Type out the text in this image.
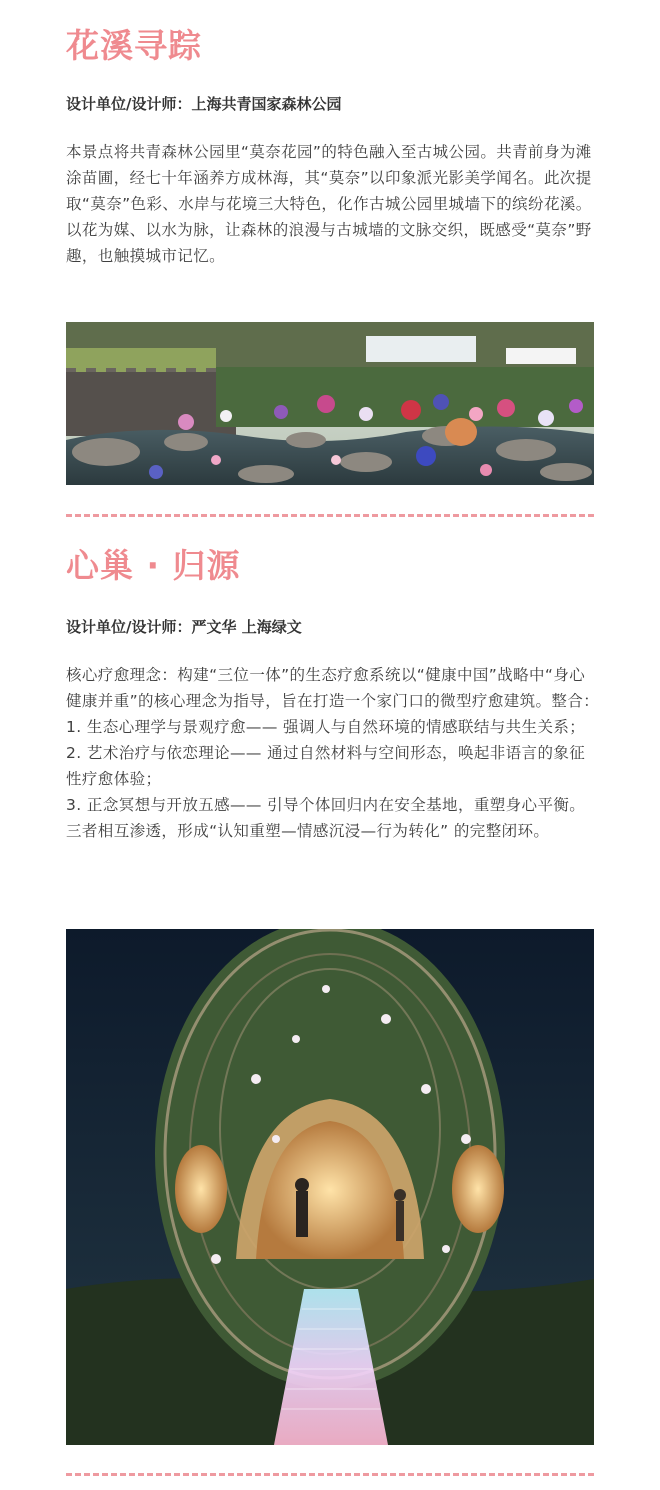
花溪寻踪
设计单位/设计师：上海共青国家森林公园

本景点将共青森林公园里“莫奈花园”的特色融入至古城公园。共青前身为滩涂苗圃，经七十年涵养方成林海，其“莫奈”以印象派光影美学闻名。此次提取“莫奈”色彩、水岸与花境三大特色，化作古城公园里城墙下的缤纷花溪。以花为媒、以水为脉，让森林的浪漫与古城墙的文脉交织，既感受“莫奈”野趣，也触摸城市记忆。

心巢 · 归源
设计单位/设计师：严文华 上海绿文

核心疗愈理念：构建“三位一体”的生态疗愈系统以“健康中国”战略中“身心健康并重”的核心理念为指导，旨在打造一个家门口的微型疗愈建筑。整合：

1. 生态心理学与景观疗愈—— 强调人与自然环境的情感联结与共生关系；

2. 艺术治疗与依恋理论—— 通过自然材料与空间形态，唤起非语言的象征性疗愈体验；

3. 正念冥想与开放五感—— 引导个体回归内在安全基地，重塑身心平衡。

三者相互渗透，形成“认知重塑—情感沉浸—行为转化” 的完整闭环。
